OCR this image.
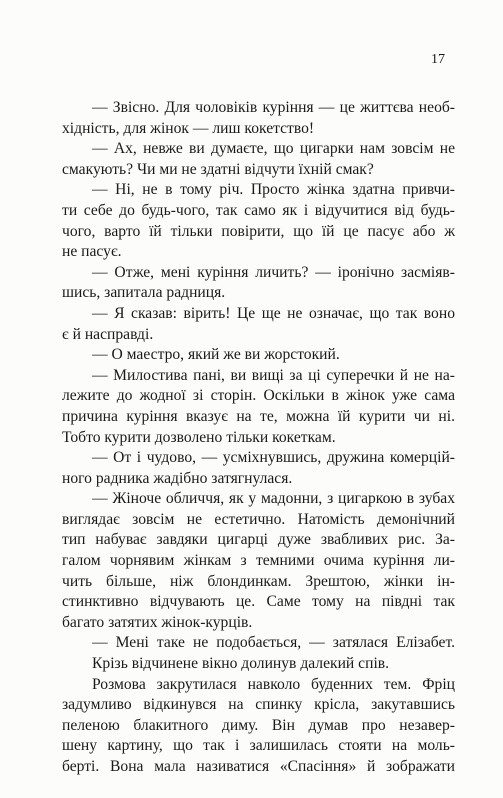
17
— Звісно. Для чоловіків куріння — це життєва необ-
хідність, для жінок — лиш кокетство!
— Ах, невже ви думаєте, що цигарки нам зовсім не
смакують? Чи ми не здатні відчути їхній смак?
— Ні, не в тому річ. Просто жінка здатна привчи-
ти себе до будь-чого, так само як і відучитися від будь-
чого, варто їй тільки повірити, що їй це пасує або ж
не пасує.
— Отже, мені куріння личить? — іронічно засміяв-
шись, запитала радниця.
— Я сказав: вірить! Це ще не означає, що так воно
є й насправді.
— О маестро, який же ви жорстокий.
— Милостива пані, ви вищі за ці суперечки й не на-
лежите до жодної зі сторін. Оскільки в жінок уже сама
причина куріння вказує на те, можна їй курити чи ні.
Тобто курити дозволено тільки кокеткам.
— От і чудово, — усміхнувшись, дружина комерцій-
ного радника жадібно затягнулася.
— Жіноче обличчя, як у мадонни, з цигаркою в зубах
виглядає зовсім не естетично. Натомість демонічний
тип набуває завдяки цигарці дуже звабливих рис. За-
галом чорнявим жінкам з темними очима куріння ли-
чить більше, ніж блондинкам. Зрештою, жінки ін-
стинктивно відчувають це. Саме тому на півдні так
багато затятих жінок-курців.
— Мені таке не подобається, — затялася Елізабет.
Крізь відчинене вікно долинув далекий спів.
Розмова закрутилася навколо буденних тем. Фріц
задумливо відкинувся на спинку крісла, закутавшись
пеленою блакитного диму. Він думав про незавер-
шену картину, що так і залишилась стояти на моль-
берті. Вона мала називатися «Спасіння» й зображати
